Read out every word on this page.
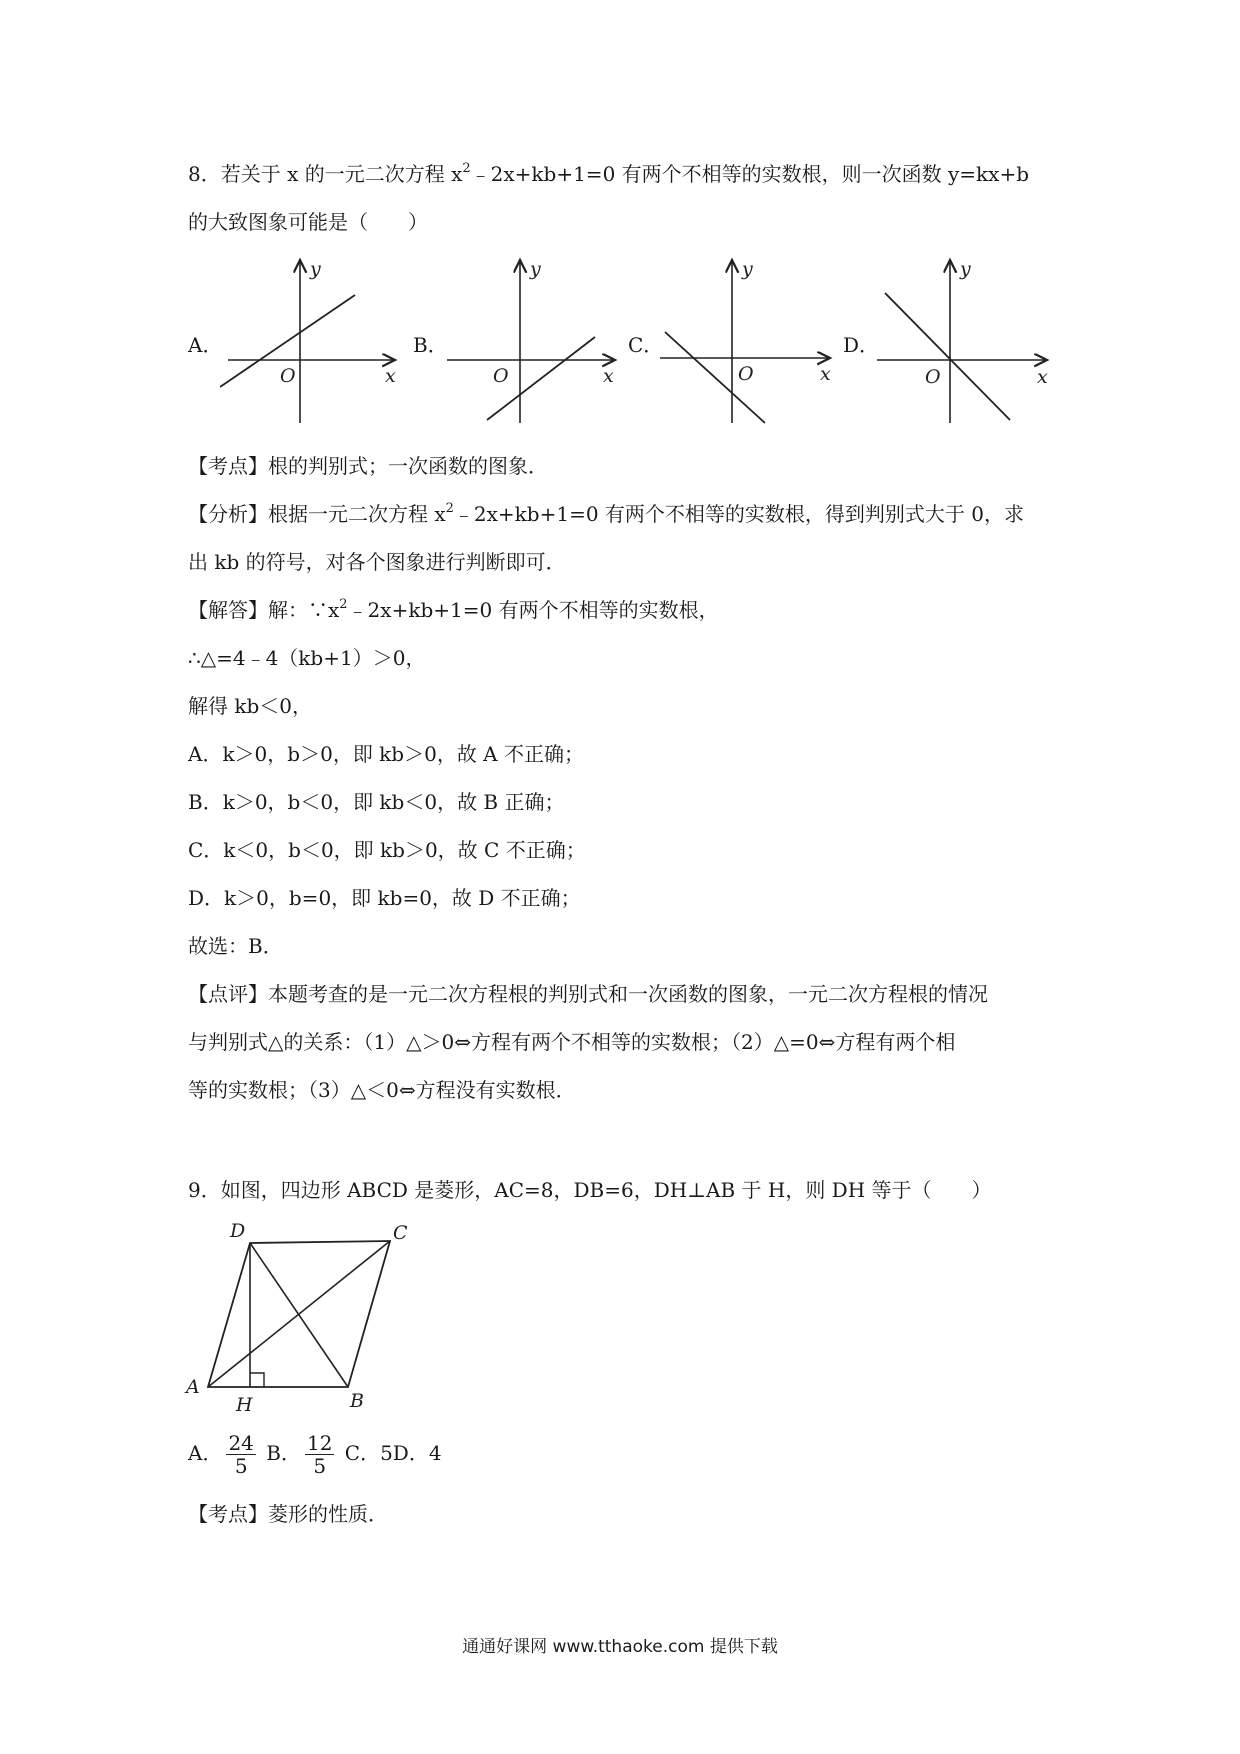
8．若关于 x 的一元二次方程 $x^2﹣2x+kb+1=0$ 有两个不相等的实数根，则一次函数 y=kx+b
的大致图象可能是（　　）
A．
O	x
y
B．
O	x
y
C．
O	x
y
D．
O	x
y
【考点】根的判别式；一次函数的图象．
【分析】根据一元二次方程 $x^2﹣2x+kb+1=0$ 有两个不相等的实数根，得到判别式大于 0，求
出 kb 的符号，对各个图象进行判断即可．
【解答】解：$\because x^2﹣2x+kb+1=0$ 有两个不相等的实数根，
∴△=4﹣4（kb+1）＞0，
解得 kb＜0，
A．k＞0，b＞0，即 kb＞0，故 A 不正确；
B．k＞0，b＜0，即 kb＜0，故 B 正确；
C．k＜0，b＜0，即 kb＞0，故 C 不正确；
D．k＞0，b=0，即 kb=0，故 D 不正确；
故选：B．
【点评】本题考查的是一元二次方程根的判别式和一次函数的图象，一元二次方程根的情况
与判别式△的关系：（1）△＞0⇔方程有两个不相等的实数根；（2）△=0⇔方程有两个相
等的实数根；（3）△＜0⇔方程没有实数根．
9．如图，四边形 ABCD 是菱形，AC=8，DB=6，DH⊥AB 于 H，则 DH 等于（　　）
D	C
A
B
H
A． $\frac{24}{5}$ B． $\frac{12}{5}$ C．5D．4
【考点】菱形的性质．
通通好课网 www.tthaoke.com 提供下载
